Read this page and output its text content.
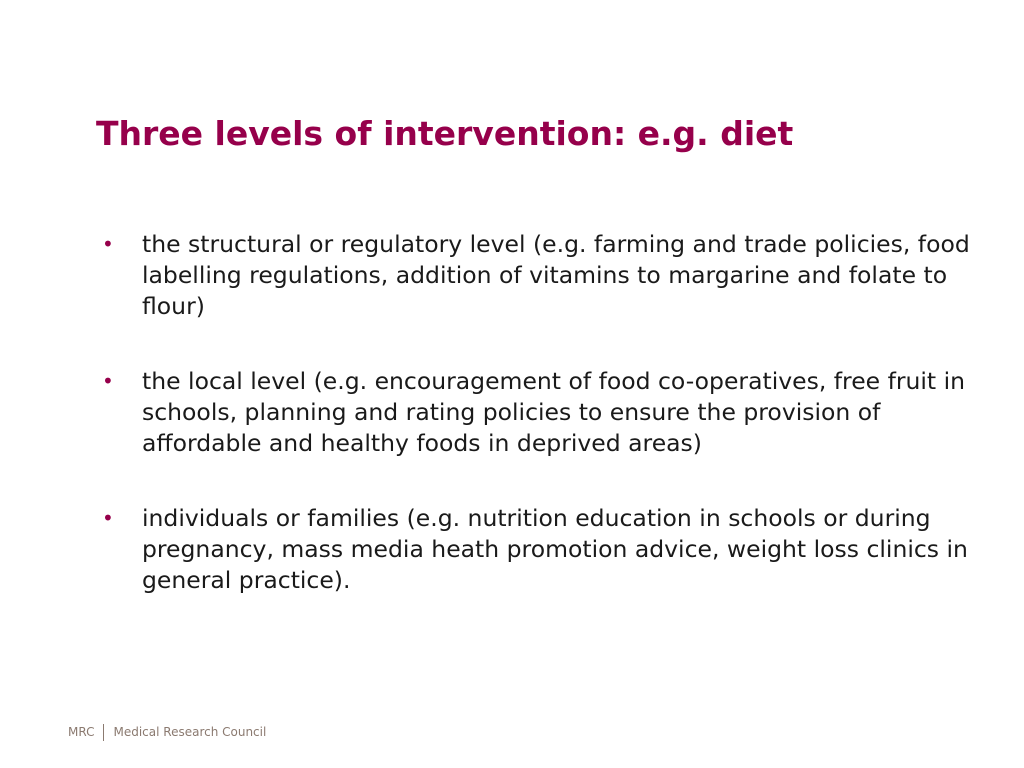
Three levels of intervention: e.g. diet
•	the structural or regulatory level (e.g. farming and trade policies, food labelling regulations, addition of vitamins to margarine and folate to flour)
•	the local level (e.g. encouragement of food co-operatives, free fruit in schools, planning and rating policies to ensure the provision of affordable and healthy foods in deprived areas)
•	individuals or families (e.g. nutrition education in schools or during pregnancy, mass media heath promotion advice, weight loss clinics in general practice).
MRC Medical Research Council
